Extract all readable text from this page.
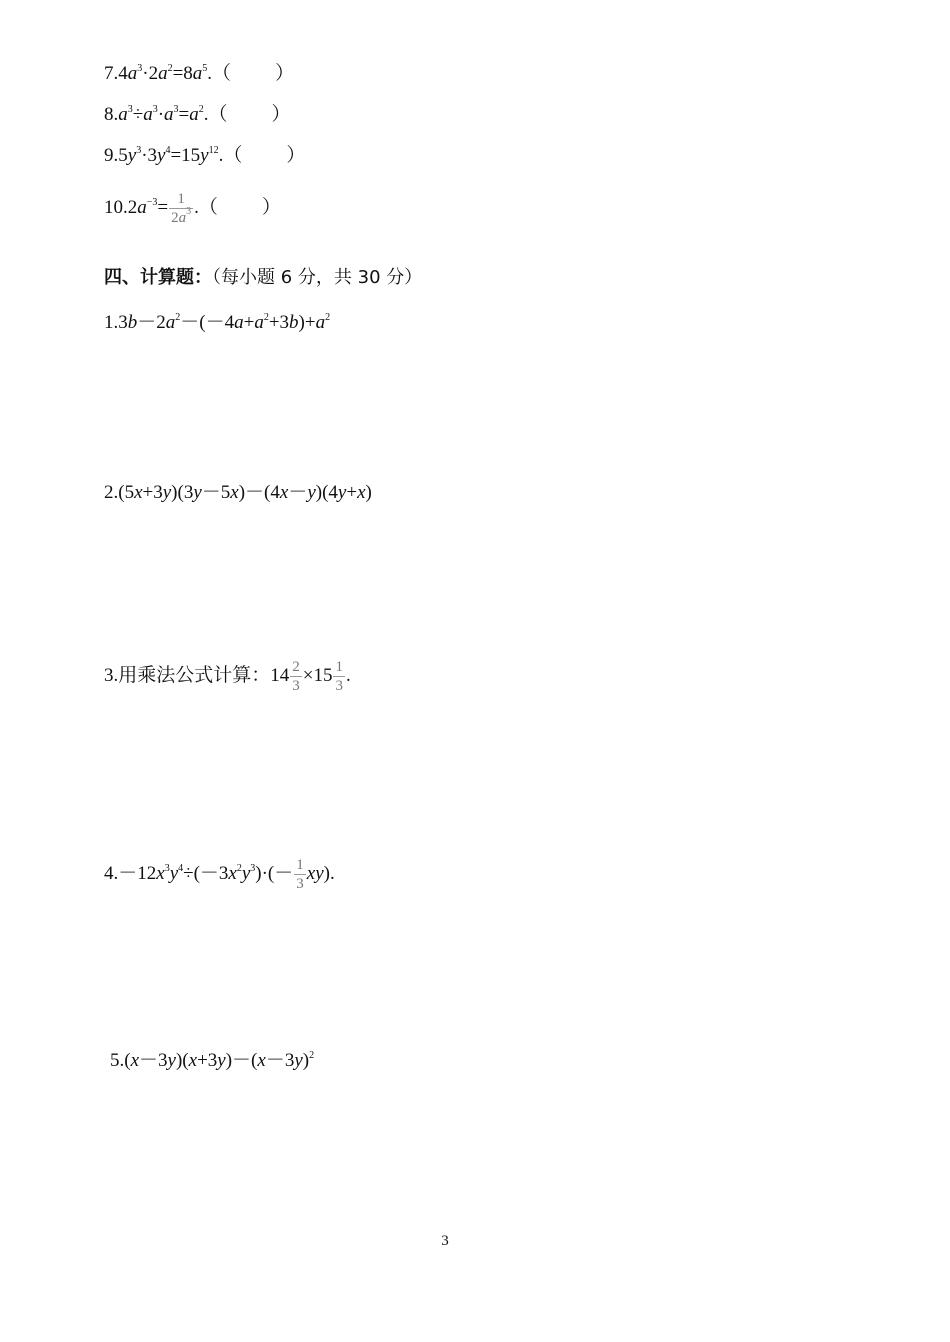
$7.4a^3\cdot 2a^2=8a^5$.（ ）
$8.a^3\div a^3\cdot a^3=a^2$.（ ）
$9.5y^3\cdot 3y^4=15y^{12}$.（ ）
$10.2a^{-3}= \frac{1}{2a^3}$ .（ ）
四、计算题：（每小题 6 分，共 30 分）
$1.3b-2a^2-(-4a+a^2+3b)+a^2$
2.(5x+3y)(3y－5x)－(4x－y)(4y+x)
3.用乘法公式计算：$14 \frac{2}{3} \times 15 \frac{1}{3}$ .
$4.-12x^3y^4\div(-3x^2y^3)\cdot(- \frac{1}{3} xy)$.
$5.(x-3y)(x+3y)-(x-3y)^2$
3
